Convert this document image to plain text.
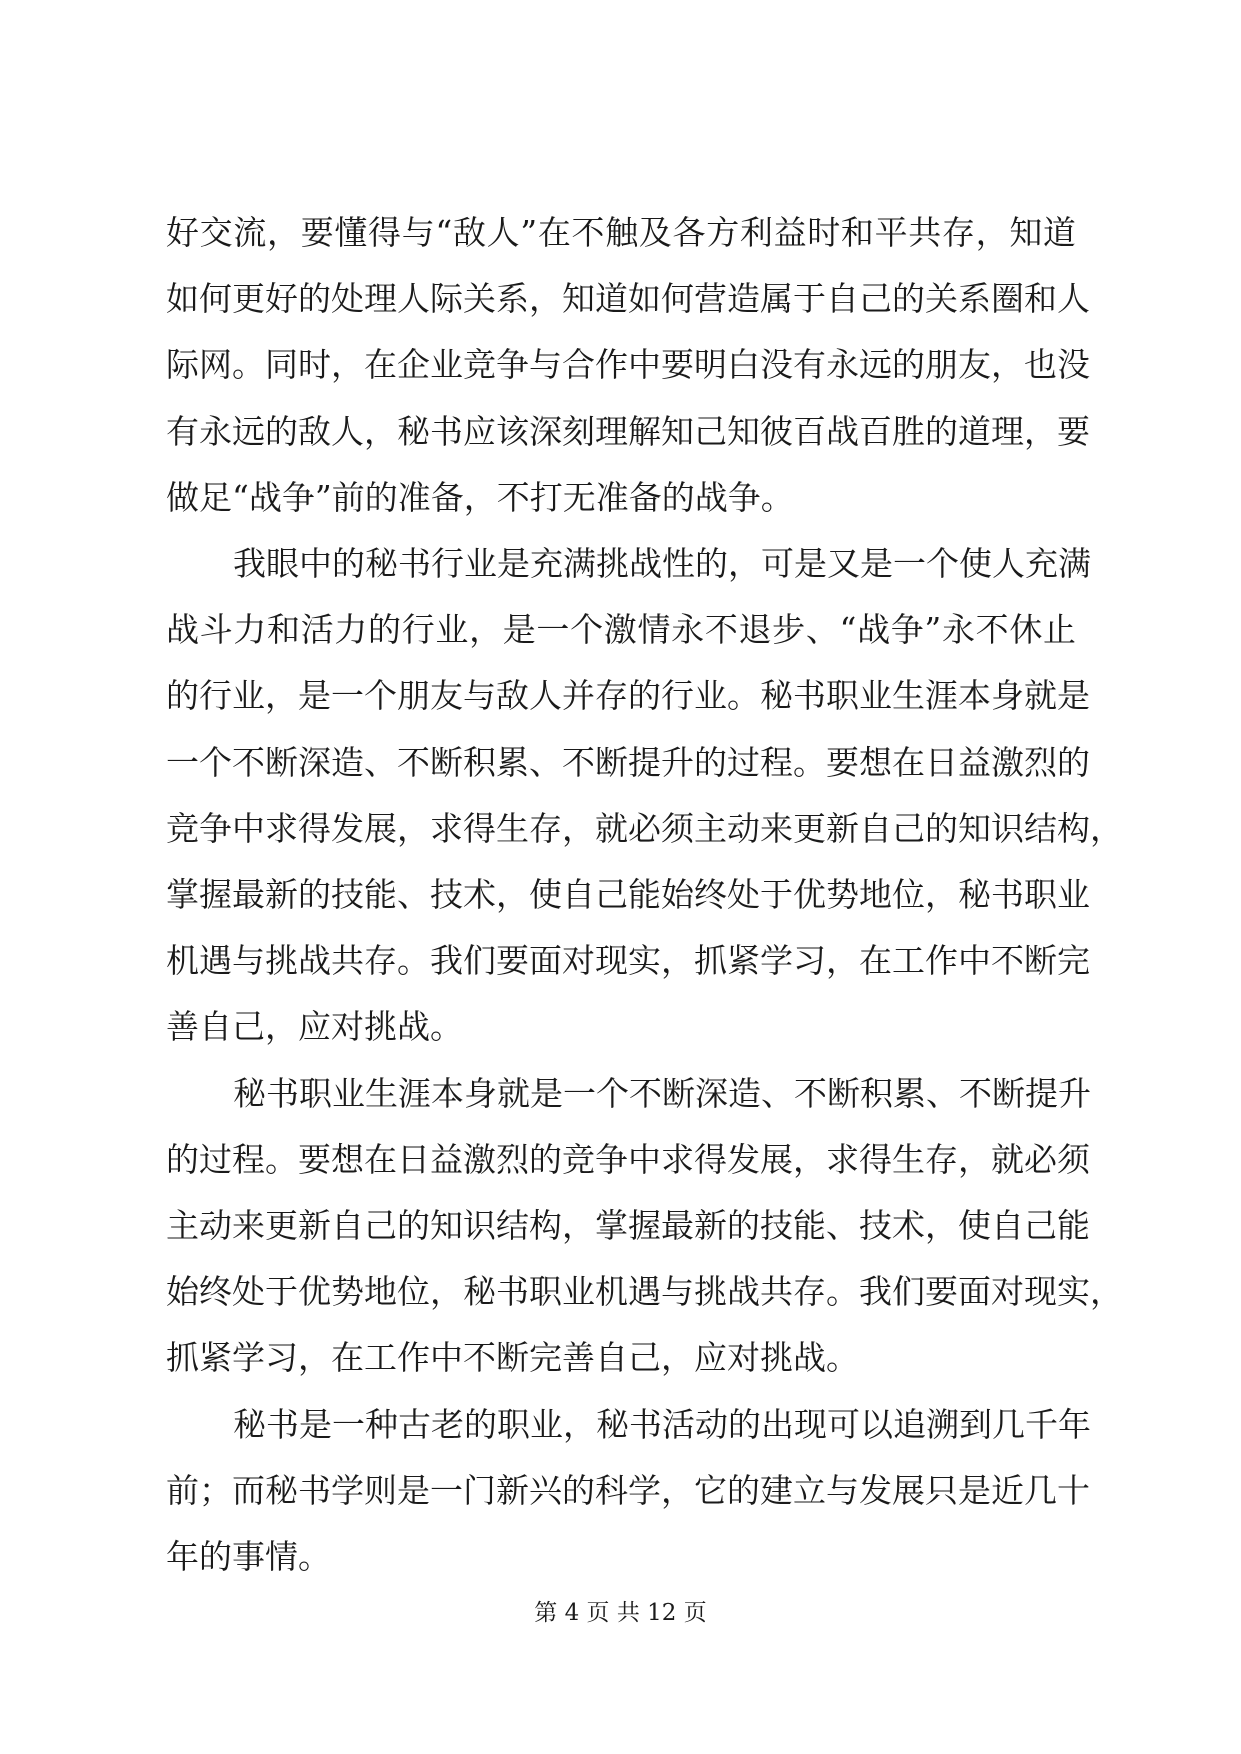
好交流，要懂得与“敌人”在不触及各方利益时和平共存，知道
如何更好的处理人际关系，知道如何营造属于自己的关系圈和人
际网。同时，在企业竞争与合作中要明白没有永远的朋友，也没
有永远的敌人，秘书应该深刻理解知己知彼百战百胜的道理，要
做足“战争”前的准备，不打无准备的战争。
我眼中的秘书行业是充满挑战性的，可是又是一个使人充满
战斗力和活力的行业，是一个激情永不退步、“战争”永不休止
的行业，是一个朋友与敌人并存的行业。秘书职业生涯本身就是
一个不断深造、不断积累、不断提升的过程。要想在日益激烈的
竞争中求得发展，求得生存，就必须主动来更新自己的知识结构，
掌握最新的技能、技术，使自己能始终处于优势地位，秘书职业
机遇与挑战共存。我们要面对现实，抓紧学习，在工作中不断完
善自己，应对挑战。
秘书职业生涯本身就是一个不断深造、不断积累、不断提升
的过程。要想在日益激烈的竞争中求得发展，求得生存，就必须
主动来更新自己的知识结构，掌握最新的技能、技术，使自己能
始终处于优势地位，秘书职业机遇与挑战共存。我们要面对现实，
抓紧学习，在工作中不断完善自己，应对挑战。
秘书是一种古老的职业，秘书活动的出现可以追溯到几千年
前；而秘书学则是一门新兴的科学，它的建立与发展只是近几十
年的事情。
第 4 页 共 12 页
